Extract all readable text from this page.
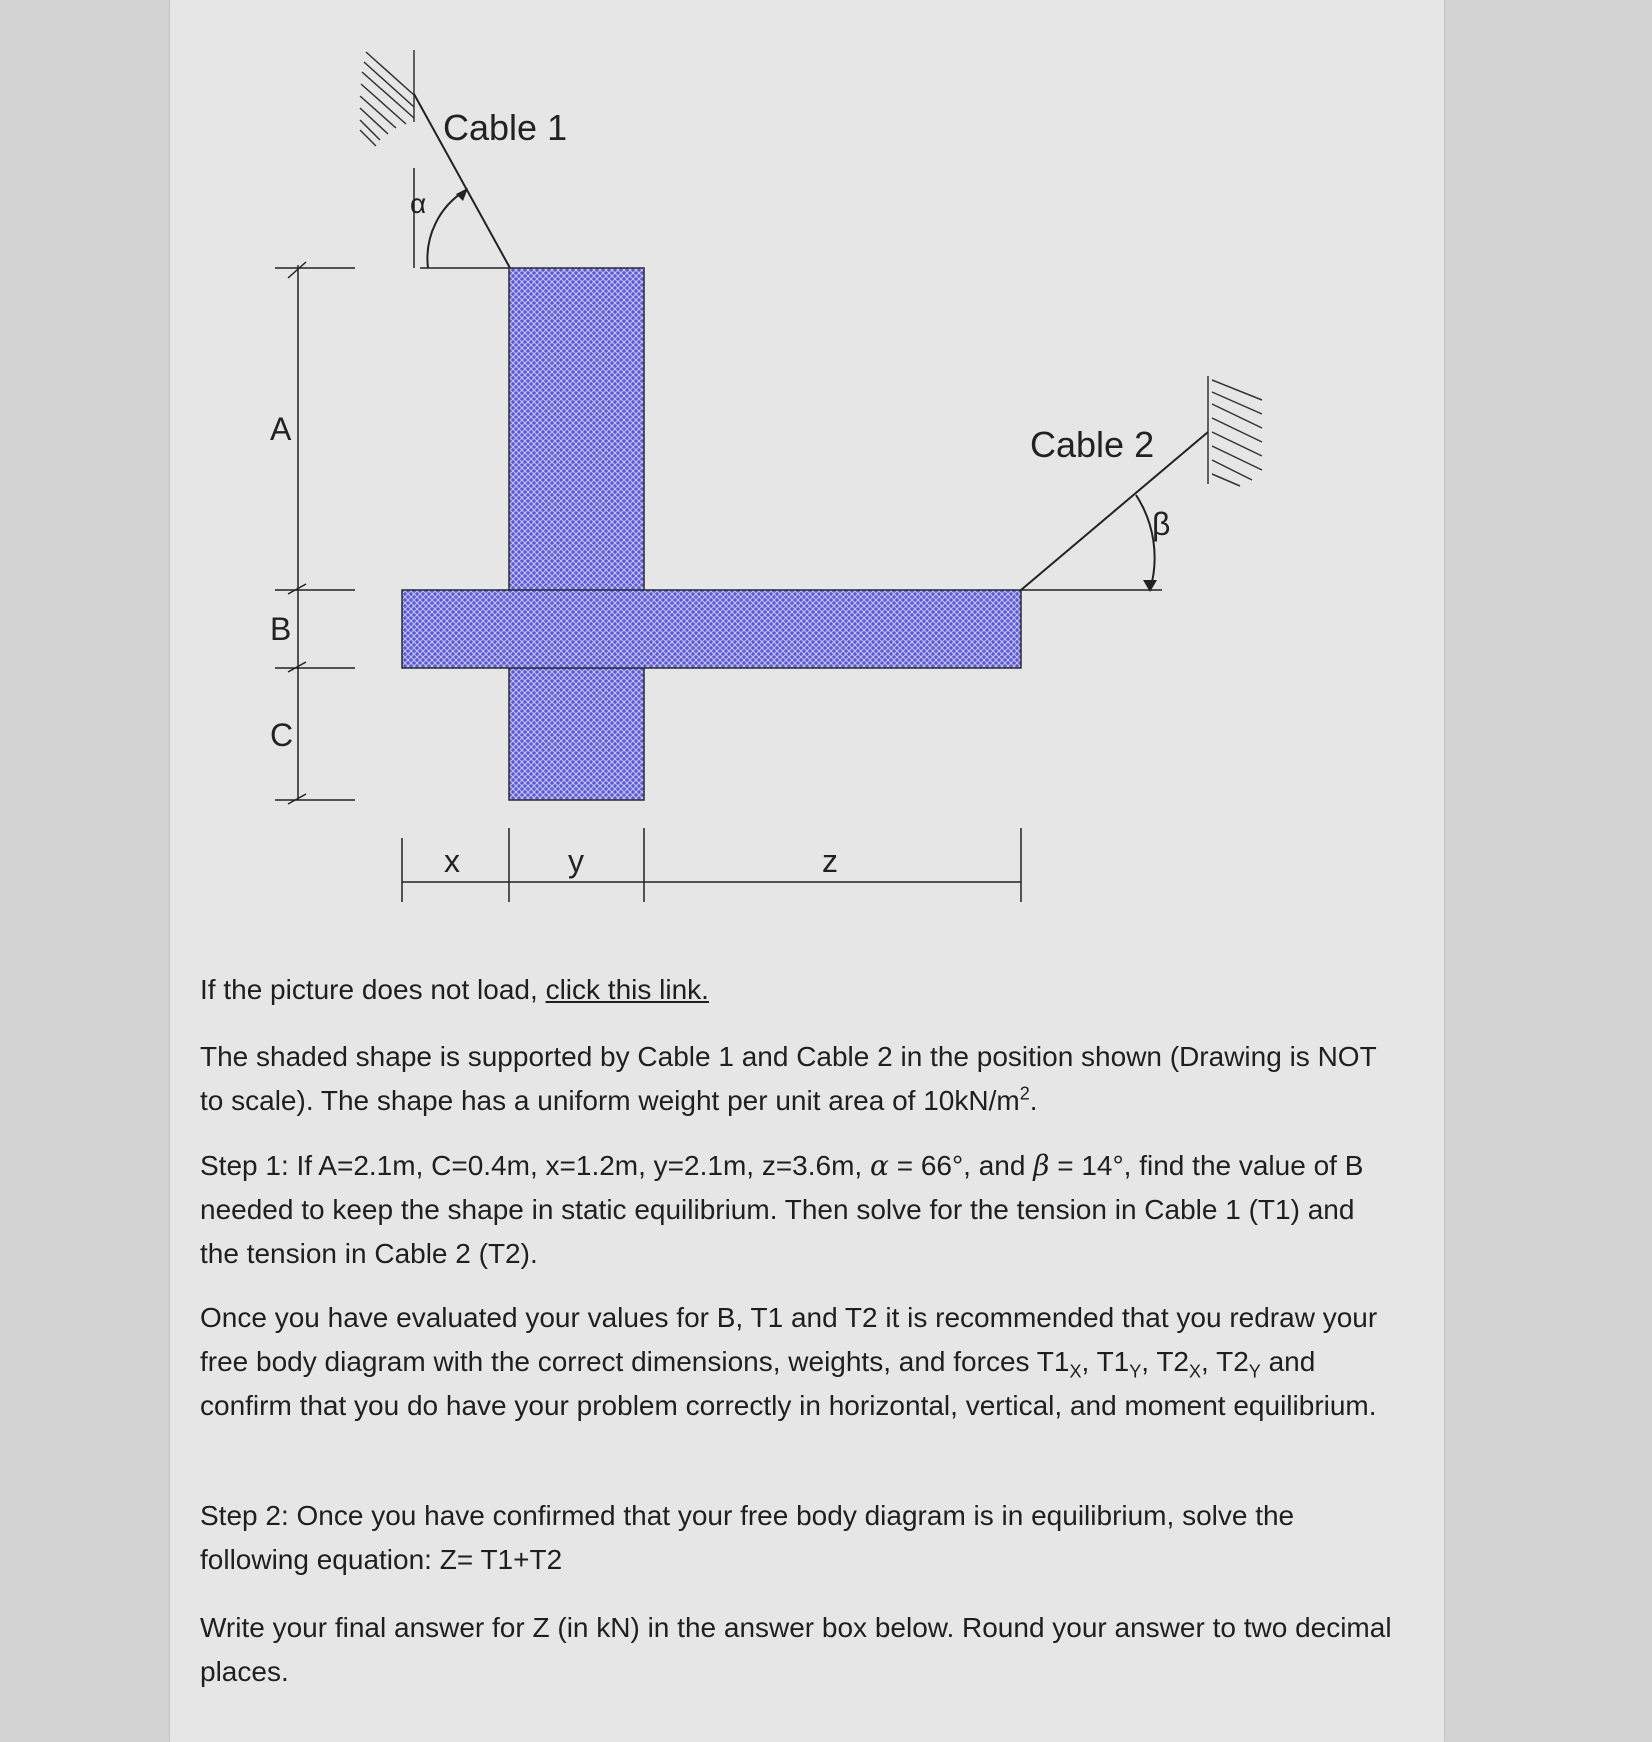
Cable 1
α
A
B
C
β
Cable 2
x	y	z

If the picture does not load, click this link.

The shaded shape is supported by Cable 1 and Cable 2 in the position shown (Drawing is NOT to scale). The shape has a uniform weight per unit area of $10kN/m^2$.

Step 1: If A=2.1m, C=0.4m, x=1.2m, y=2.1m, z=3.6m, α = 66°, and β = 14°, find the value of B needed to keep the shape in static equilibrium. Then solve for the tension in Cable 1 (T1) and the tension in Cable 2 (T2).

Once you have evaluated your values for B, T1 and T2 it is recommended that you redraw your free body diagram with the correct dimensions, weights, and forces $T1_X$, $T1_Y$, $T2_X$, $T2_Y$ and confirm that you do have your problem correctly in horizontal, vertical, and moment equilibrium.

Step 2: Once you have confirmed that your free body diagram is in equilibrium, solve the following equation: Z= T1+T2

Write your final answer for Z (in kN) in the answer box below. Round your answer to two decimal places.
